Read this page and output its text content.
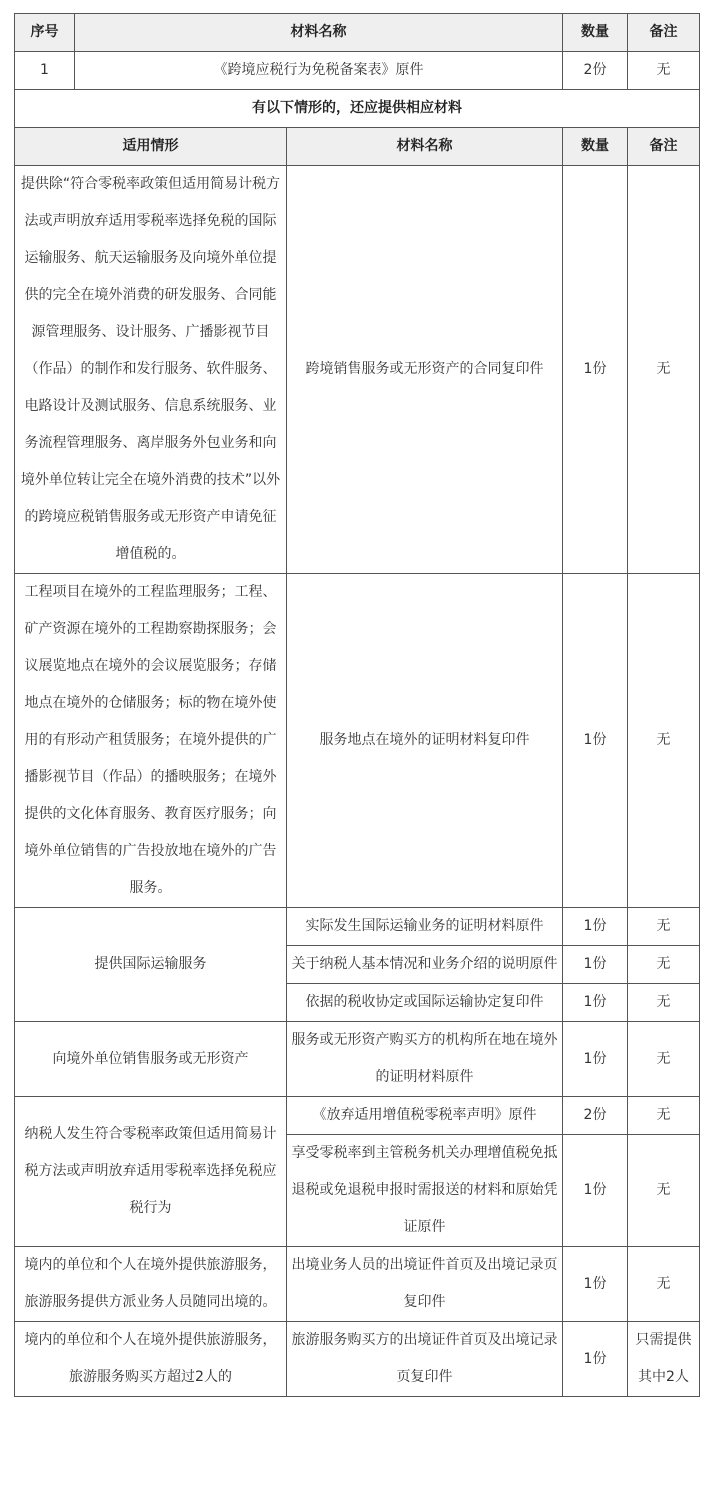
序号	材料名称		数量	备注
1	《跨境应税行为免税备案表》原件		2份	无
有以下情形的，还应提供相应材料				
适用情形		材料名称	数量	备注
提供除“符合零税率政策但适用简易计税方法或声明放弃适用零税率选择免税的国际运输服务、航天运输服务及向境外单位提供的完全在境外消费的研发服务、合同能源管理服务、设计服务、广播影视节目（作品）的制作和发行服务、软件服务、电路设计及测试服务、信息系统服务、业务流程管理服务、离岸服务外包业务和向境外单位转让完全在境外消费的技术”以外的跨境应税销售服务或无形资产申请免征增值税的。		跨境销售服务或无形资产的合同复印件	1份	无
工程项目在境外的工程监理服务；工程、矿产资源在境外的工程勘察勘探服务；会议展览地点在境外的会议展览服务；存储地点在境外的仓储服务；标的物在境外使用的有形动产租赁服务；在境外提供的广播影视节目（作品）的播映服务；在境外提供的文化体育服务、教育医疗服务；向境外单位销售的广告投放地在境外的广告服务。		服务地点在境外的证明材料复印件	1份	无
提供国际运输服务		实际发生国际运输业务的证明材料原件	1份	无
		关于纳税人基本情况和业务介绍的说明原件	1份	无
		依据的税收协定或国际运输协定复印件	1份	无
向境外单位销售服务或无形资产		服务或无形资产购买方的机构所在地在境外的证明材料原件	1份	无
纳税人发生符合零税率政策但适用简易计税方法或声明放弃适用零税率选择免税应税行为		《放弃适用增值税零税率声明》原件	2份	无
		享受零税率到主管税务机关办理增值税免抵退税或免退税申报时需报送的材料和原始凭证原件	1份	无
境内的单位和个人在境外提供旅游服务，旅游服务提供方派业务人员随同出境的。		出境业务人员的出境证件首页及出境记录页复印件	1份	无
境内的单位和个人在境外提供旅游服务，旅游服务购买方超过2人的		旅游服务购买方的出境证件首页及出境记录页复印件	1份	只需提供其中2人
